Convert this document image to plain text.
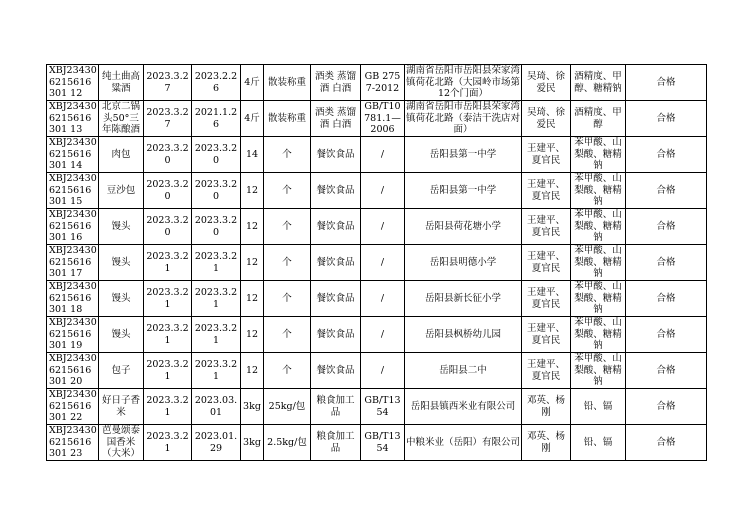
XBJ234306215616301 12	纯土曲高粱酒	2023.3.27	2023.2.26	4斤	散装称重	酒类 蒸馏酒 白酒	GB 2757-2012	湖南省岳阳市岳阳县荣家湾镇荷花北路（大园岭市场第12个门面）	吴琦、徐爱民	酒精度、甲醇、糖精钠	合格
XBJ234306215616301 13	北京二锅头50°三年陈酿酒	2023.3.27	2021.1.26	4斤	散装称重	酒类 蒸馏酒 白酒	GB/T10781.1—2006	湖南省岳阳市岳阳县荣家湾镇荷花北路（泰洁干洗店对面）	吴琦、徐爱民	酒精度、甲醇	合格
XBJ234306215616301 14	肉包	2023.3.20	2023.3.20	14	个	餐饮食品	/	岳阳县第一中学	王建平、夏官民	苯甲酸、山梨酸、糖精钠	合格
XBJ234306215616301 15	豆沙包	2023.3.20	2023.3.20	12	个	餐饮食品	/	岳阳县第一中学	王建平、夏官民	苯甲酸、山梨酸、糖精钠	合格
XBJ234306215616301 16	馒头	2023.3.20	2023.3.20	12	个	餐饮食品	/	岳阳县荷花塘小学	王建平、夏官民	苯甲酸、山梨酸、糖精钠	合格
XBJ234306215616301 17	馒头	2023.3.21	2023.3.21	12	个	餐饮食品	/	岳阳县明德小学	王建平、夏官民	苯甲酸、山梨酸、糖精钠	合格
XBJ234306215616301 18	馒头	2023.3.21	2023.3.21	12	个	餐饮食品	/	岳阳县新长征小学	王建平、夏官民	苯甲酸、山梨酸、糖精钠	合格
XBJ234306215616301 19	馒头	2023.3.21	2023.3.21	12	个	餐饮食品	/	岳阳县枫桥幼儿园	王建平、夏官民	苯甲酸、山梨酸、糖精钠	合格
XBJ234306215616301 20	包子	2023.3.21	2023.3.21	12	个	餐饮食品	/	岳阳县二中	王建平、夏官民	苯甲酸、山梨酸、糖精钠	合格
XBJ234306215616301 22	好日子香米	2023.3.21	2023.03.01	3kg	25kg/包	粮食加工品	GB/T1354	岳阳县镇西米业有限公司	邓英、杨刚	铅、镉	合格
XBJ234306215616301 23	芭曼颂泰国香米（大米）	2023.3.21	2023.01.29	3kg	2.5kg/包	粮食加工品	GB/T1354	中粮米业（岳阳）有限公司	邓英、杨刚	铅、镉	合格
